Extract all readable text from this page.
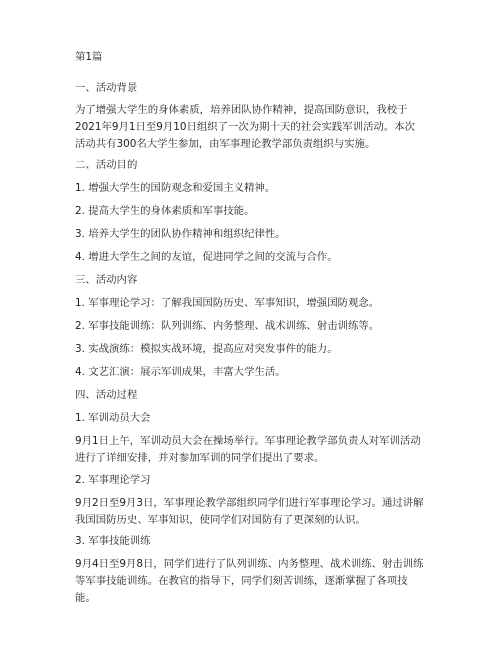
第1篇

一、活动背景

为了增强大学生的身体素质，培养团队协作精神，提高国防意识，我校于2021年9月1日至9月10日组织了一次为期十天的社会实践军训活动。本次活动共有300名大学生参加，由军事理论教学部负责组织与实施。

二、活动目的

1. 增强大学生的国防观念和爱国主义精神。

2. 提高大学生的身体素质和军事技能。

3. 培养大学生的团队协作精神和组织纪律性。

4. 增进大学生之间的友谊，促进同学之间的交流与合作。

三、活动内容

1. 军事理论学习：了解我国国防历史、军事知识，增强国防观念。

2. 军事技能训练：队列训练、内务整理、战术训练、射击训练等。

3. 实战演练：模拟实战环境，提高应对突发事件的能力。

4. 文艺汇演：展示军训成果，丰富大学生活。

四、活动过程

1. 军训动员大会

9月1日上午，军训动员大会在操场举行。军事理论教学部负责人对军训活动进行了详细安排，并对参加军训的同学们提出了要求。

2. 军事理论学习

9月2日至9月3日，军事理论教学部组织同学们进行军事理论学习。通过讲解我国国防历史、军事知识，使同学们对国防有了更深刻的认识。

3. 军事技能训练

9月4日至9月8日，同学们进行了队列训练、内务整理、战术训练、射击训练等军事技能训练。在教官的指导下，同学们刻苦训练，逐渐掌握了各项技能。
